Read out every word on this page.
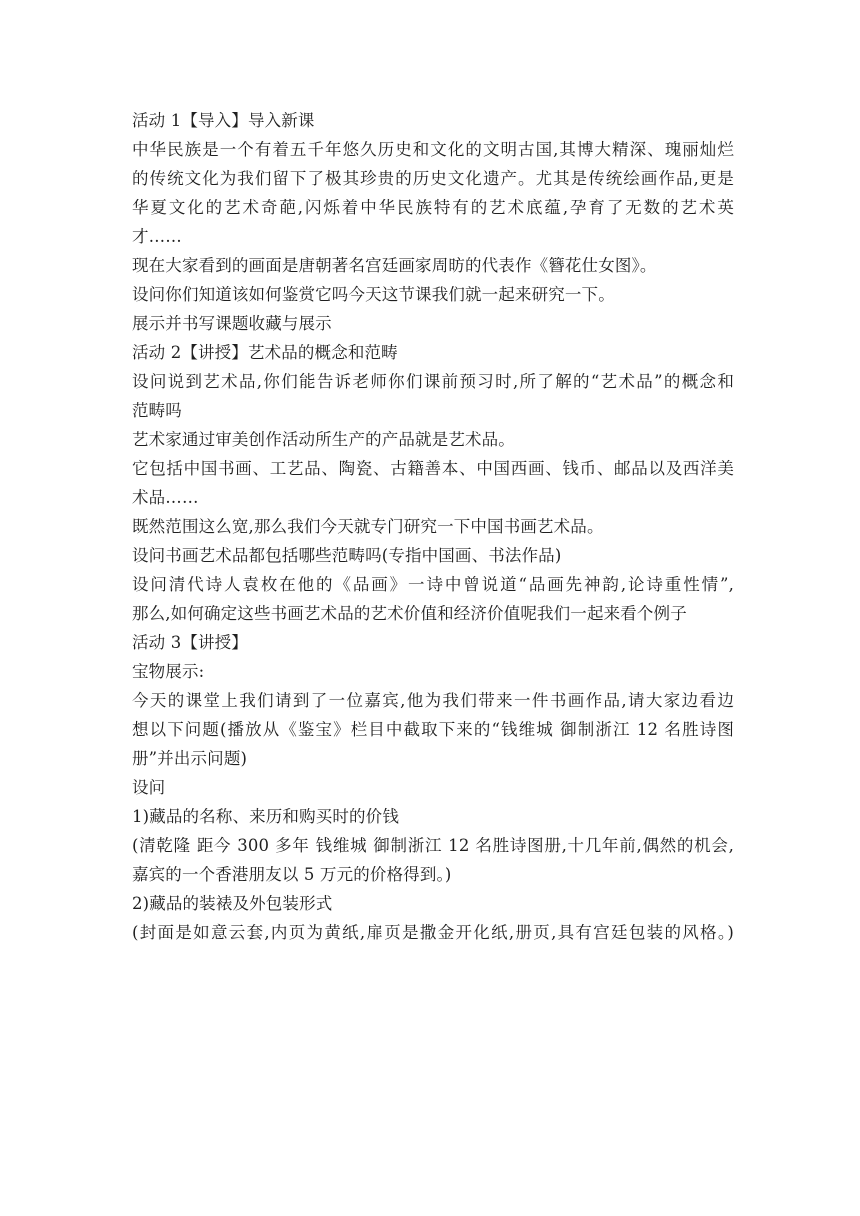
活动 1【导入】导入新课
中华民族是一个有着五千年悠久历史和文化的文明古国,其博大精深、瑰丽灿烂
的传统文化为我们留下了极其珍贵的历史文化遗产。尤其是传统绘画作品,更是
华夏文化的艺术奇葩,闪烁着中华民族特有的艺术底蕴,孕育了无数的艺术英
才……
现在大家看到的画面是唐朝著名宫廷画家周昉的代表作《簪花仕女图》。
设问你们知道该如何鉴赏它吗今天这节课我们就一起来研究一下。
展示并书写课题收藏与展示
活动 2【讲授】艺术品的概念和范畴
设问说到艺术品,你们能告诉老师你们课前预习时,所了解的“艺术品”的概念和
范畴吗
艺术家通过审美创作活动所生产的产品就是艺术品。
它包括中国书画、工艺品、陶瓷、古籍善本、中国西画、钱币、邮品以及西洋美
术品……
既然范围这么宽,那么我们今天就专门研究一下中国书画艺术品。
设问书画艺术品都包括哪些范畴吗(专指中国画、书法作品)
设问清代诗人袁枚在他的《品画》一诗中曾说道“品画先神韵,论诗重性情”,
那么,如何确定这些书画艺术品的艺术价值和经济价值呢我们一起来看个例子
活动 3【讲授】
宝物展示:
今天的课堂上我们请到了一位嘉宾,他为我们带来一件书画作品,请大家边看边
想以下问题(播放从《鉴宝》栏目中截取下来的“钱维城 御制浙江 12 名胜诗图
册”并出示问题)
设问
1)藏品的名称、来历和购买时的价钱
(清乾隆 距今 300 多年 钱维城 御制浙江 12 名胜诗图册,十几年前,偶然的机会,
嘉宾的一个香港朋友以 5 万元的价格得到。)
2)藏品的装裱及外包装形式
(封面是如意云套,内页为黄纸,扉页是撒金开化纸,册页,具有宫廷包装的风格。)
